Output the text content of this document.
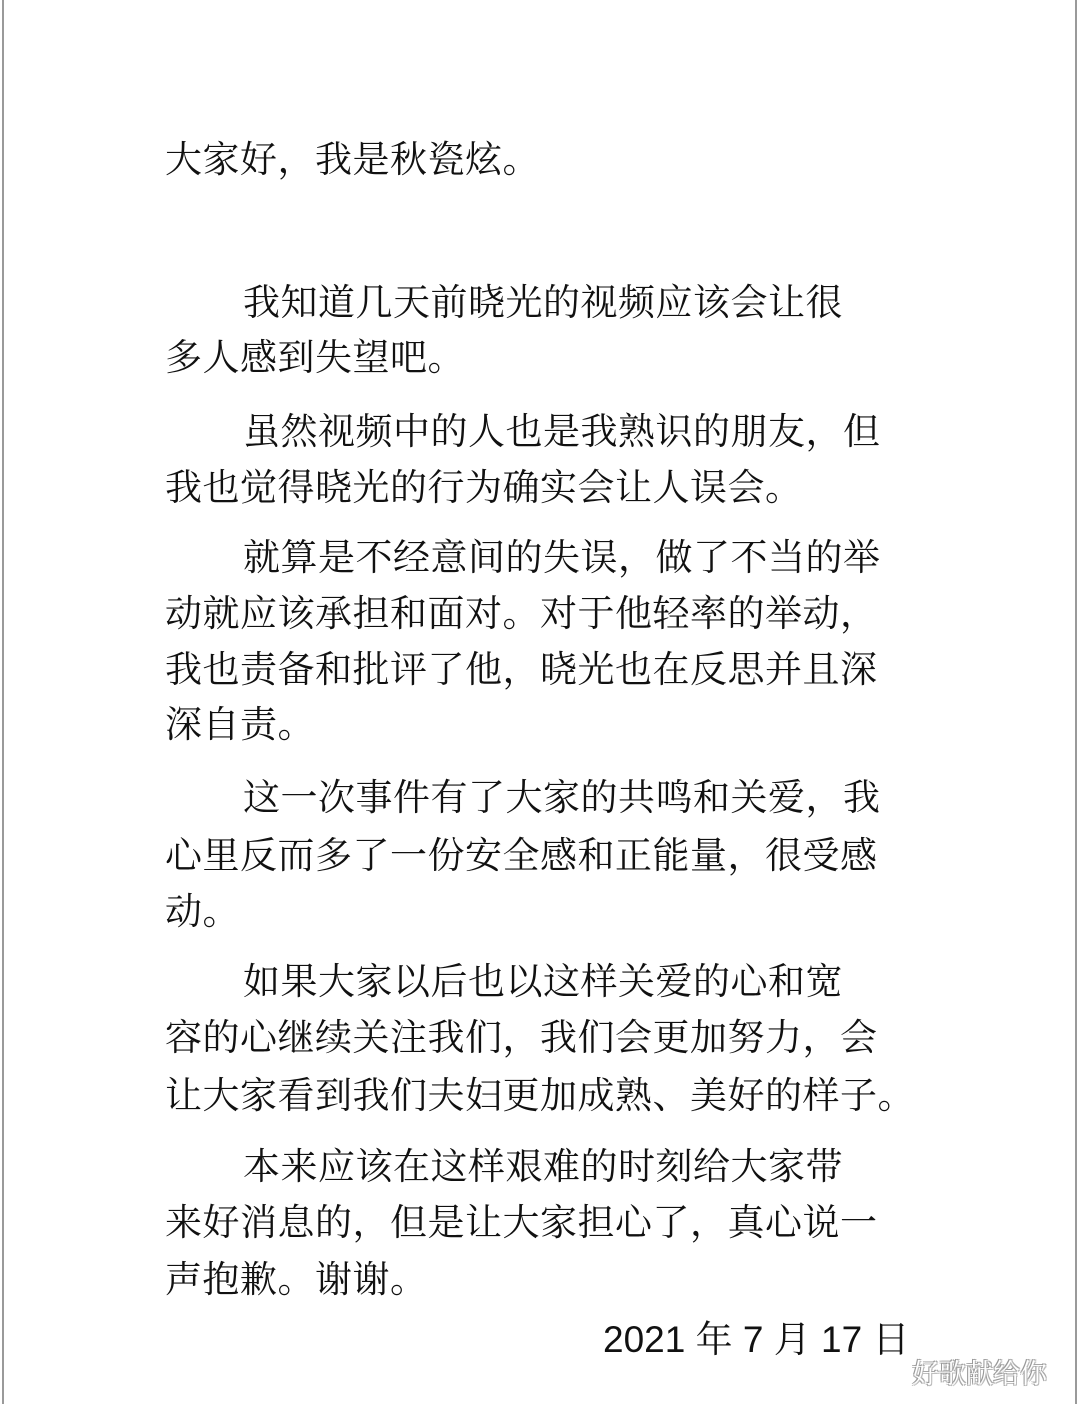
大家好，我是秋瓷炫。
我知道几天前晓光的视频应该会让很
多人感到失望吧。
虽然视频中的人也是我熟识的朋友，但
我也觉得晓光的行为确实会让人误会。
就算是不经意间的失误，做了不当的举
动就应该承担和面对。对于他轻率的举动，
我也责备和批评了他，晓光也在反思并且深
深自责。
这一次事件有了大家的共鸣和关爱，我
心里反而多了一份安全感和正能量，很受感
动。
如果大家以后也以这样关爱的心和宽
容的心继续关注我们，我们会更加努力，会
让大家看到我们夫妇更加成熟、美好的样子。
本来应该在这样艰难的时刻给大家带
来好消息的，但是让大家担心了，真心说一
声抱歉。谢谢。
2021 年 7 月 17 日
好歌献给你
